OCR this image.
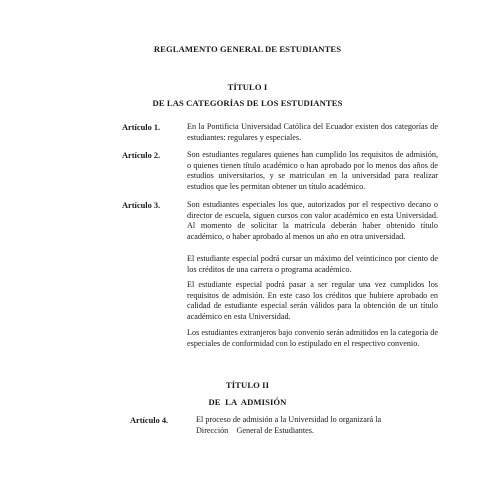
REGLAMENTO GENERAL DE ESTUDIANTES
TÍTULO I
DE LAS CATEGORÍAS DE LOS ESTUDIANTES
Artículo 1.	En la Pontificia Universidad Católica del Ecuador existen dos categorías de estudiantes: regulares y especiales.
Artículo 2.	Son estudiantes regulares quienes han cumplido los requisitos de admisión, o quienes tienen título académico o han aprobado por lo menos dos años de estudios universitarios, y se matriculan en la universidad para realizar estudios que les permitan obtener un título académico.
Artículo 3.	Son estudiantes especiales los que, autorizados por el respectivo decano o director de escuela, siguen cursos con valor académico en esta Universidad. Al momento de solicitar la matrícula deberán haber obtenido título académico, o haber aprobado al menos un año en otra universidad.
El estudiante especial podrá cursar un máximo del veinticinco por ciento de los créditos de una carrera o programa académico.
El estudiante especial podrá pasar a ser regular una vez cumplidos los requisitos de admisión. En este caso los créditos que hubiere aprobado en calidad de estudiante especial serán válidos para la obtención de un título académico en esta Universidad.
Los estudiantes extranjeros bajo convenio serán admitidos en la categoría de especiales de conformidad con lo estipulado en el respectivo convenio.
TÍTULO II
DE  LA  ADMISIÓN
Artículo 4.	El proceso de admisión a la Universidad lo organizará la
Dirección    General de Estudiantes.
